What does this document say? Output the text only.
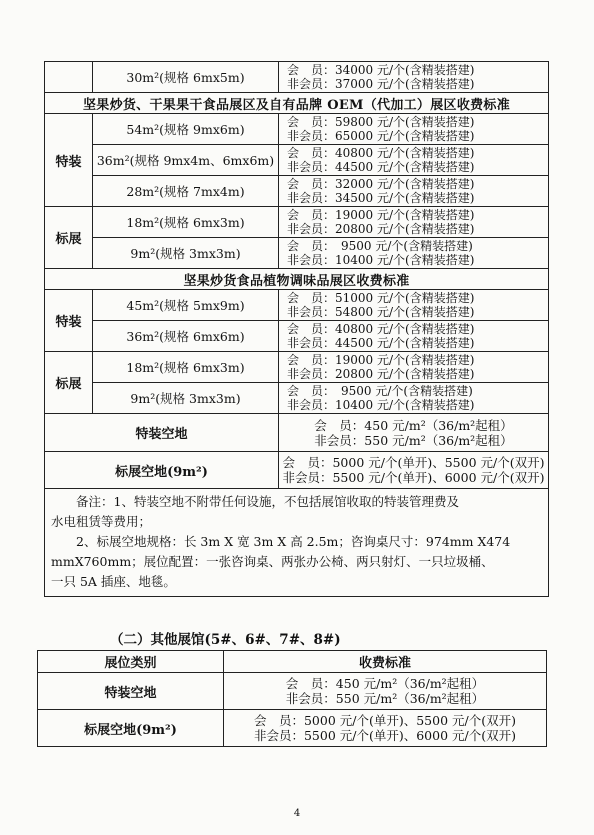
	30m²(规格 6mx5m)	会　员：34000 元/个(含精装搭建)
非会员：37000 元/个(含精装搭建)

坚果炒货、干果果干食品展区及自有品牌 OEM（代加工）展区收费标准		
特装	54m²(规格 9mx6m)	会　员：59800 元/个(含精装搭建)
非会员：65000 元/个(含精装搭建)

	36m²(规格 9mx4m、6mx6m)	会　员：40800 元/个(含精装搭建)
非会员：44500 元/个(含精装搭建)

	28m²(规格 7mx4m)	会　员：32000 元/个(含精装搭建)
非会员：34500 元/个(含精装搭建)

标展	18m²(规格 6mx3m)	会　员：19000 元/个(含精装搭建)
非会员：20800 元/个(含精装搭建)

	9m²(规格 3mx3m)	会　员：　9500 元/个(含精装搭建)
非会员：10400 元/个(含精装搭建)

坚果炒货食品植物调味品展区收费标准		
特装	45m²(规格 5mx9m)	会　员：51000 元/个(含精装搭建)
非会员：54800 元/个(含精装搭建)

	36m²(规格 6mx6m)	会　员：40800 元/个(含精装搭建)
非会员：44500 元/个(含精装搭建)

标展	18m²(规格 6mx3m)	会　员：19000 元/个(含精装搭建)
非会员：20800 元/个(含精装搭建)

	9m²(规格 3mx3m)	会　员：　9500 元/个(含精装搭建)
非会员：10400 元/个(含精装搭建)

特装空地		会　员：450 元/m²（36/m²起租）
非会员：550 元/m²（36/m²起租）

标展空地(9m²)		会　员：5000 元/个(单开)、5500 元/个(双开)
非会员：5500 元/个(单开)、6000 元/个(双开)

备注：1、特装空地不附带任何设施，不包括展馆收取的特装管理费及

水电租赁等费用；

2、标展空地规格：长 3m X 宽 3m X 高 2.5m；咨询桌尺寸：974mm X474

mmX760mm；展位配置：一张咨询桌、两张办公椅、两只射灯、一只垃圾桶、

一只 5A 插座、地毯。		

（二）其他展馆(5#、6#、7#、8#)
展位类别	收费标准
特装空地	会　员：450 元/m²（36/m²起租）
非会员：550 元/m²（36/m²起租）

标展空地(9m²)	会　员：5000 元/个(单开)、5500 元/个(双开)
非会员：5500 元/个(单开)、6000 元/个(双开)
4
